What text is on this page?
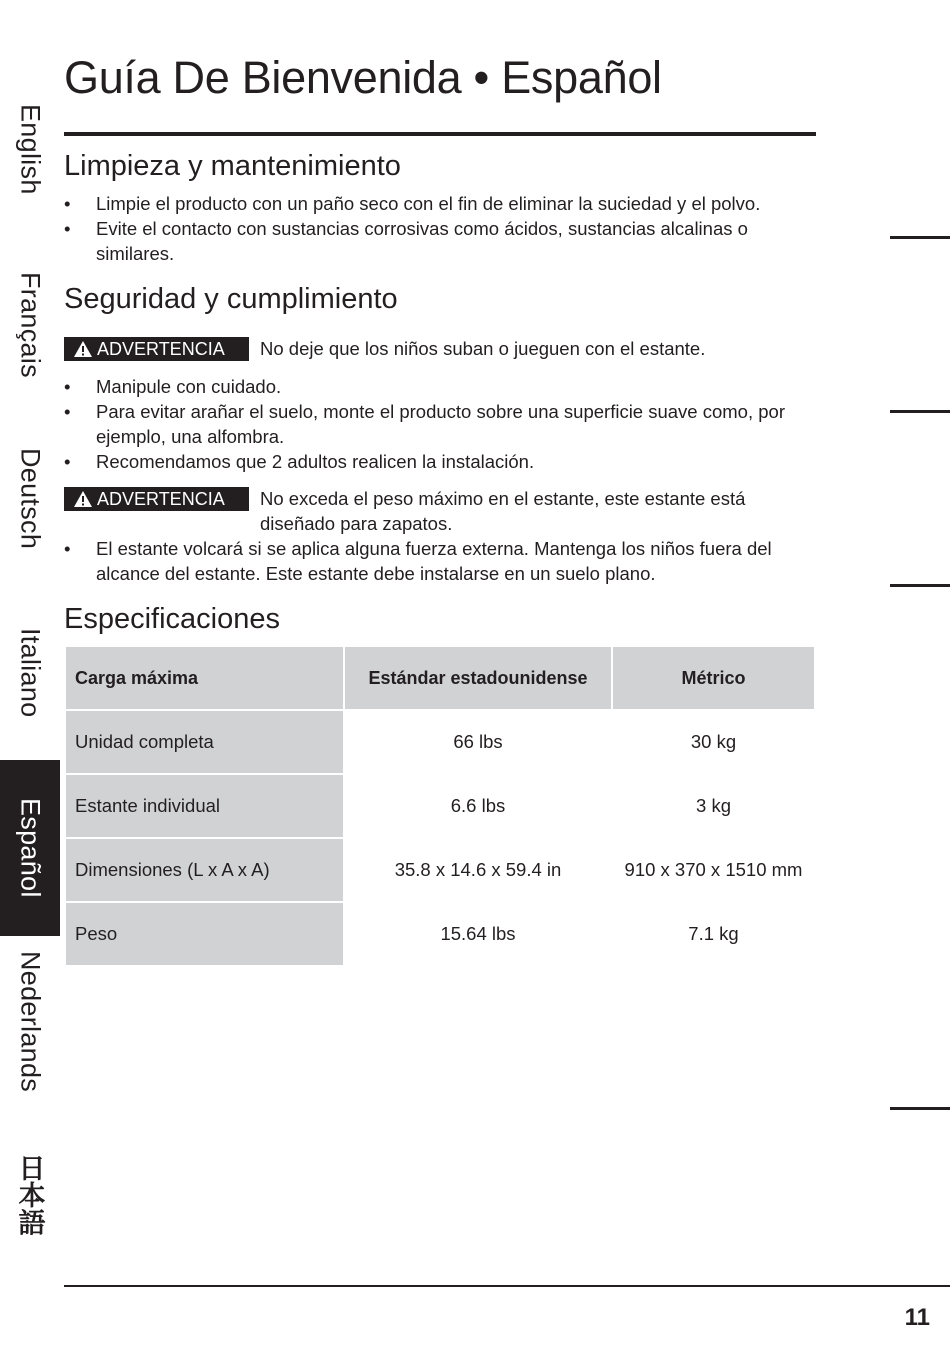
Guía De Bienvenida • Español
Limpieza y mantenimiento
• Limpie el producto con un paño seco con el fin de eliminar la suciedad y el polvo.
• Evite el contacto con sustancias corrosivas como ácidos, sustancias alcalinas o similares.
Seguridad y cumplimiento
ADVERTENCIA	No deje que los niños suban o jueguen con el estante.
• Manipule con cuidado.
• Para evitar arañar el suelo, monte el producto sobre una superficie suave como, por ejemplo, una alfombra.
• Recomendamos que 2 adultos realicen la instalación.
ADVERTENCIA	No exceda el peso máximo en el estante, este estante está diseñado para zapatos.
• El estante volcará si se aplica alguna fuerza externa. Mantenga los niños fuera del alcance del estante. Este estante debe instalarse en un suelo plano.
Especificaciones
Carga máxima	Estándar estadounidense	Métrico
Unidad completa	66 lbs	30 kg
Estante individual	6.6 lbs	3 kg
Dimensiones (L x A x A)	35.8 x 14.6 x 59.4 in	910 x 370 x 1510 mm
Peso	15.64 lbs	7.1 kg
English
Français
Deutsch
Italiano
Español
Nederlands
日本語
11
